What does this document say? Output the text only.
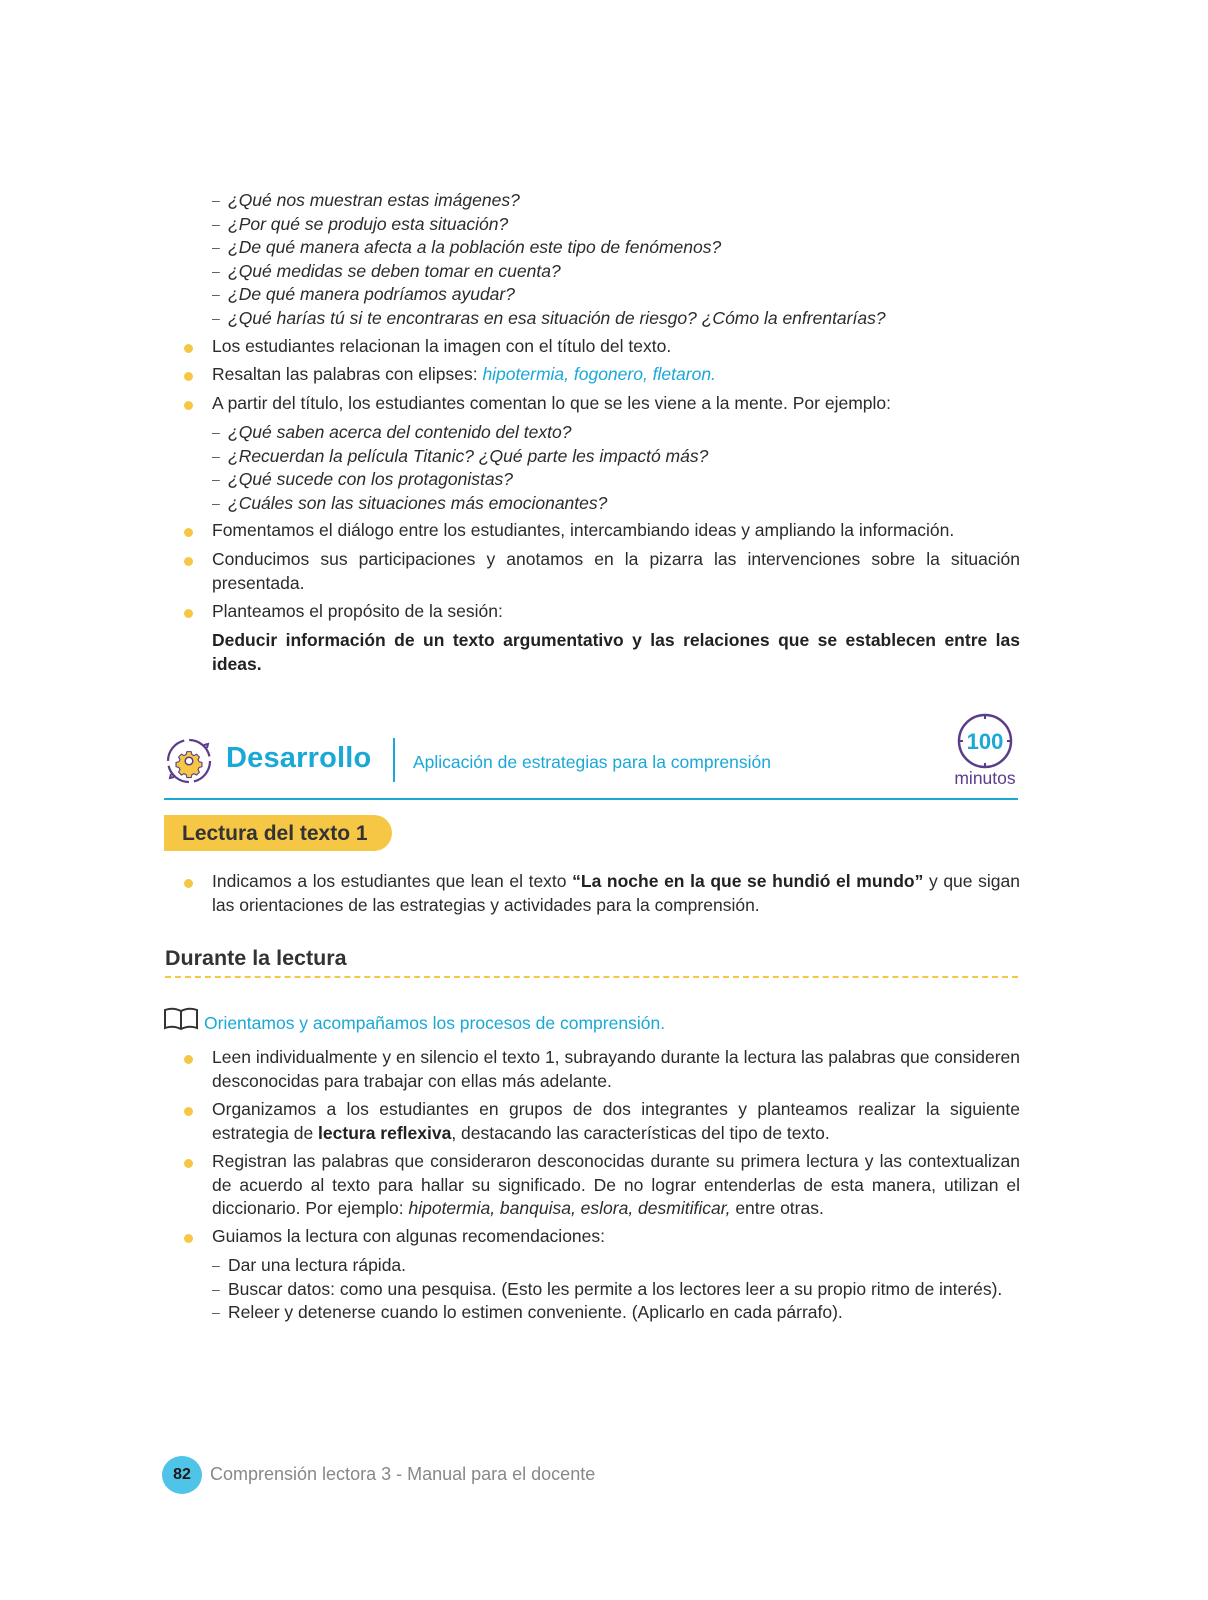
– ¿Qué nos muestran estas imágenes?
– ¿Por qué se produjo esta situación?
– ¿De qué manera afecta a la población este tipo de fenómenos?
– ¿Qué medidas se deben tomar en cuenta?
– ¿De qué manera podríamos ayudar?
– ¿Qué harías tú si te encontraras en esa situación de riesgo? ¿Cómo la enfrentarías?
Los estudiantes relacionan la imagen con el título del texto.
Resaltan las palabras con elipses: hipotermia, fogonero, fletaron.
A partir del título, los estudiantes comentan lo que se les viene a la mente. Por ejemplo:
– ¿Qué saben acerca del contenido del texto?
– ¿Recuerdan la película Titanic? ¿Qué parte les impactó más?
– ¿Qué sucede con los protagonistas?
– ¿Cuáles son las situaciones más emocionantes?
Fomentamos el diálogo entre los estudiantes, intercambiando ideas y ampliando la información.
Conducimos sus participaciones y anotamos en la pizarra las intervenciones sobre la situación presentada.
Planteamos el propósito de la sesión:
Deducir información de un texto argumentativo y las relaciones que se establecen entre las ideas.
Desarrollo Aplicación de estrategias para la comprensión
100
minutos
Lectura del texto 1
Indicamos a los estudiantes que lean el texto “La noche en la que se hundió el mundo” y que sigan las orientaciones de las estrategias y actividades para la comprensión.
Durante la lectura
Orientamos y acompañamos los procesos de comprensión.
Leen individualmente y en silencio el texto 1, subrayando durante la lectura las palabras que consideren desconocidas para trabajar con ellas más adelante.
Organizamos a los estudiantes en grupos de dos integrantes y planteamos realizar la siguiente estrategia de lectura reflexiva, destacando las características del tipo de texto.
Registran las palabras que consideraron desconocidas durante su primera lectura y las contextualizan de acuerdo al texto para hallar su significado. De no lograr entenderlas de esta manera, utilizan el diccionario. Por ejemplo: hipotermia, banquisa, eslora, desmitificar, entre otras.
Guiamos la lectura con algunas recomendaciones:
– Dar una lectura rápida.
– Buscar datos: como una pesquisa. (Esto les permite a los lectores leer a su propio ritmo de interés).
– Releer y detenerse cuando lo estimen conveniente. (Aplicarlo en cada párrafo).
82	Comprensión lectora 3 - Manual para el docente
